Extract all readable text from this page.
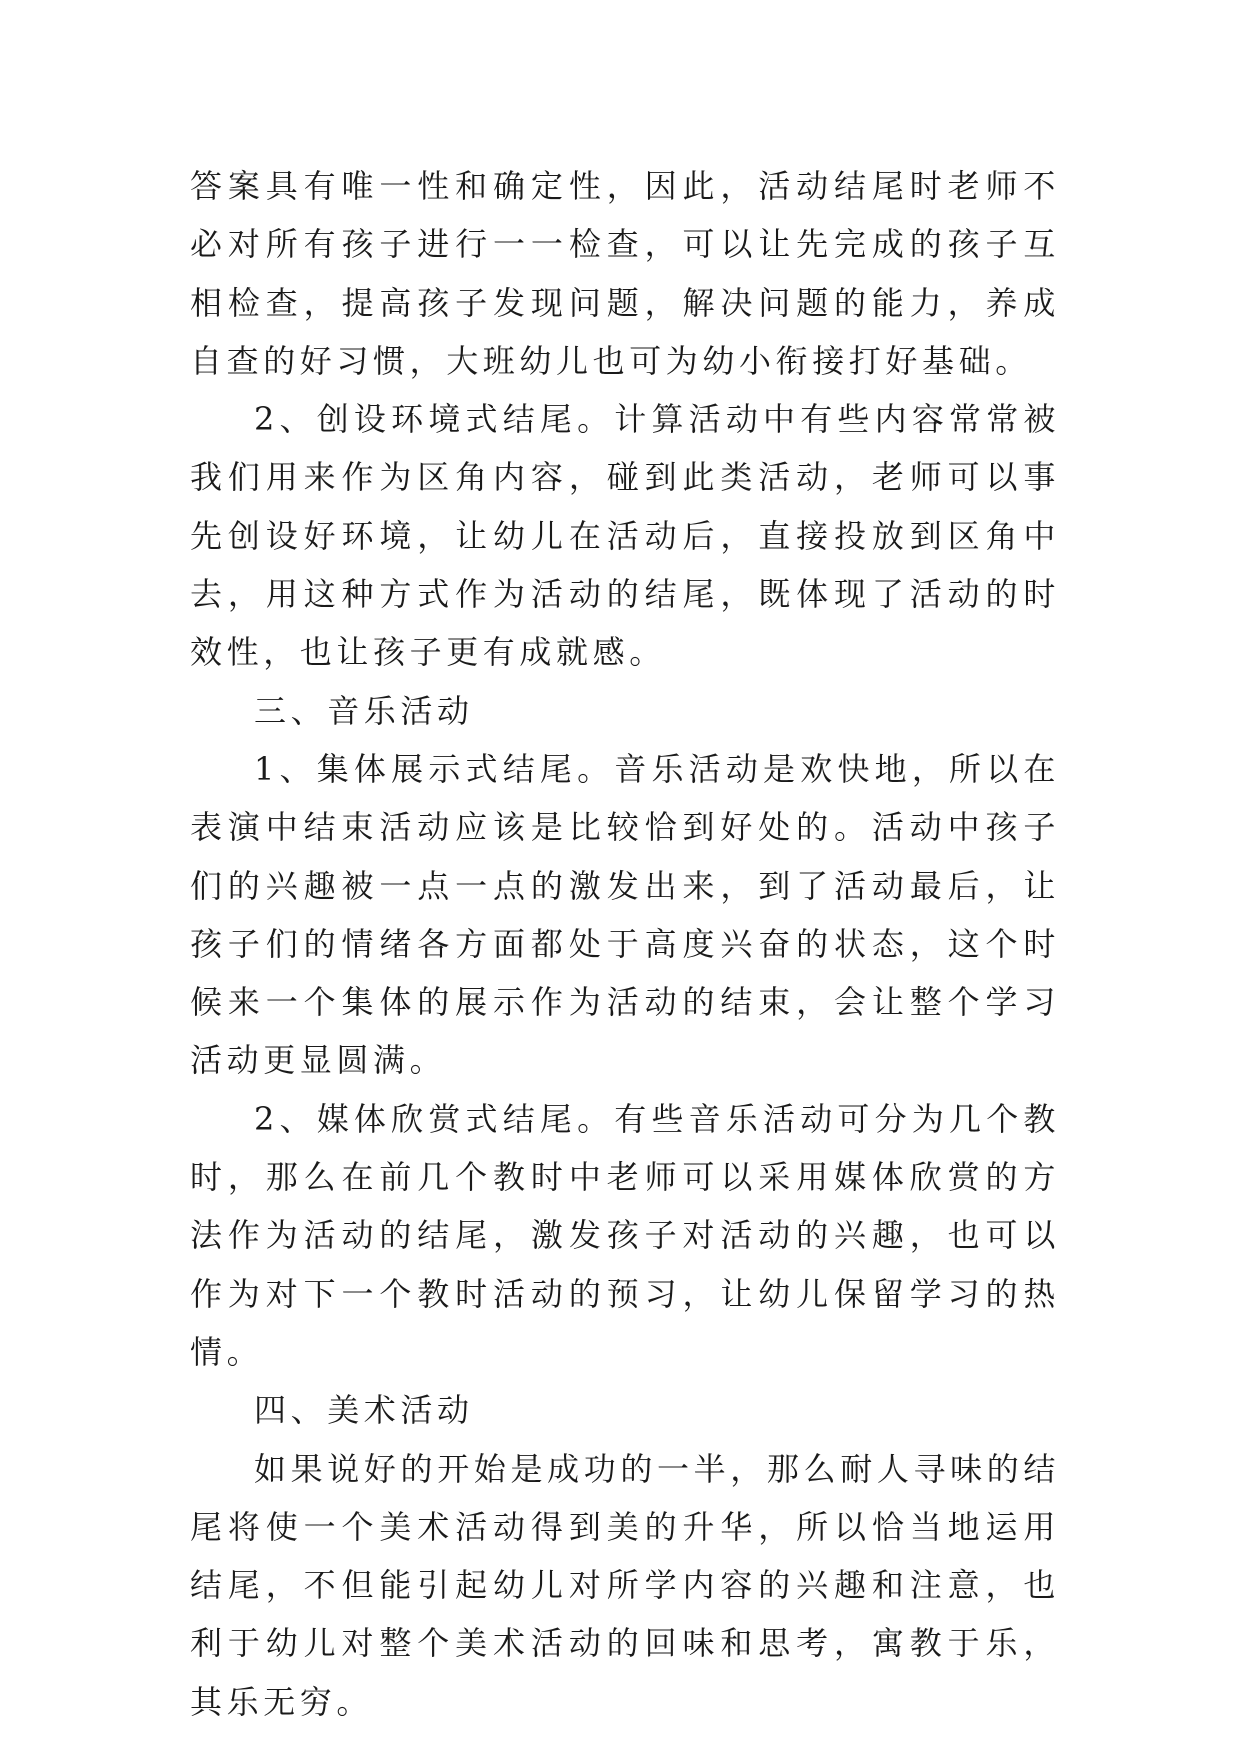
答案具有唯一性和确定性，因此，活动结尾时老师不必对所有孩子进行一一检查，可以让先完成的孩子互相检查，提高孩子发现问题，解决问题的能力，养成自查的好习惯，大班幼儿也可为幼小衔接打好基础。

2、创设环境式结尾。计算活动中有些内容常常被我们用来作为区角内容，碰到此类活动，老师可以事先创设好环境，让幼儿在活动后，直接投放到区角中去，用这种方式作为活动的结尾，既体现了活动的时效性，也让孩子更有成就感。

三、音乐活动

1、集体展示式结尾。音乐活动是欢快地，所以在表演中结束活动应该是比较恰到好处的。活动中孩子们的兴趣被一点一点的激发出来，到了活动最后，让孩子们的情绪各方面都处于高度兴奋的状态，这个时候来一个集体的展示作为活动的结束，会让整个学习活动更显圆满。

2、媒体欣赏式结尾。有些音乐活动可分为几个教时，那么在前几个教时中老师可以采用媒体欣赏的方法作为活动的结尾，激发孩子对活动的兴趣，也可以作为对下一个教时活动的预习，让幼儿保留学习的热情。

四、美术活动

如果说好的开始是成功的一半，那么耐人寻味的结尾将使一个美术活动得到美的升华，所以恰当地运用结尾，不但能引起幼儿对所学内容的兴趣和注意，也利于幼儿对整个美术活动的回味和思考，寓教于乐，其乐无穷。
